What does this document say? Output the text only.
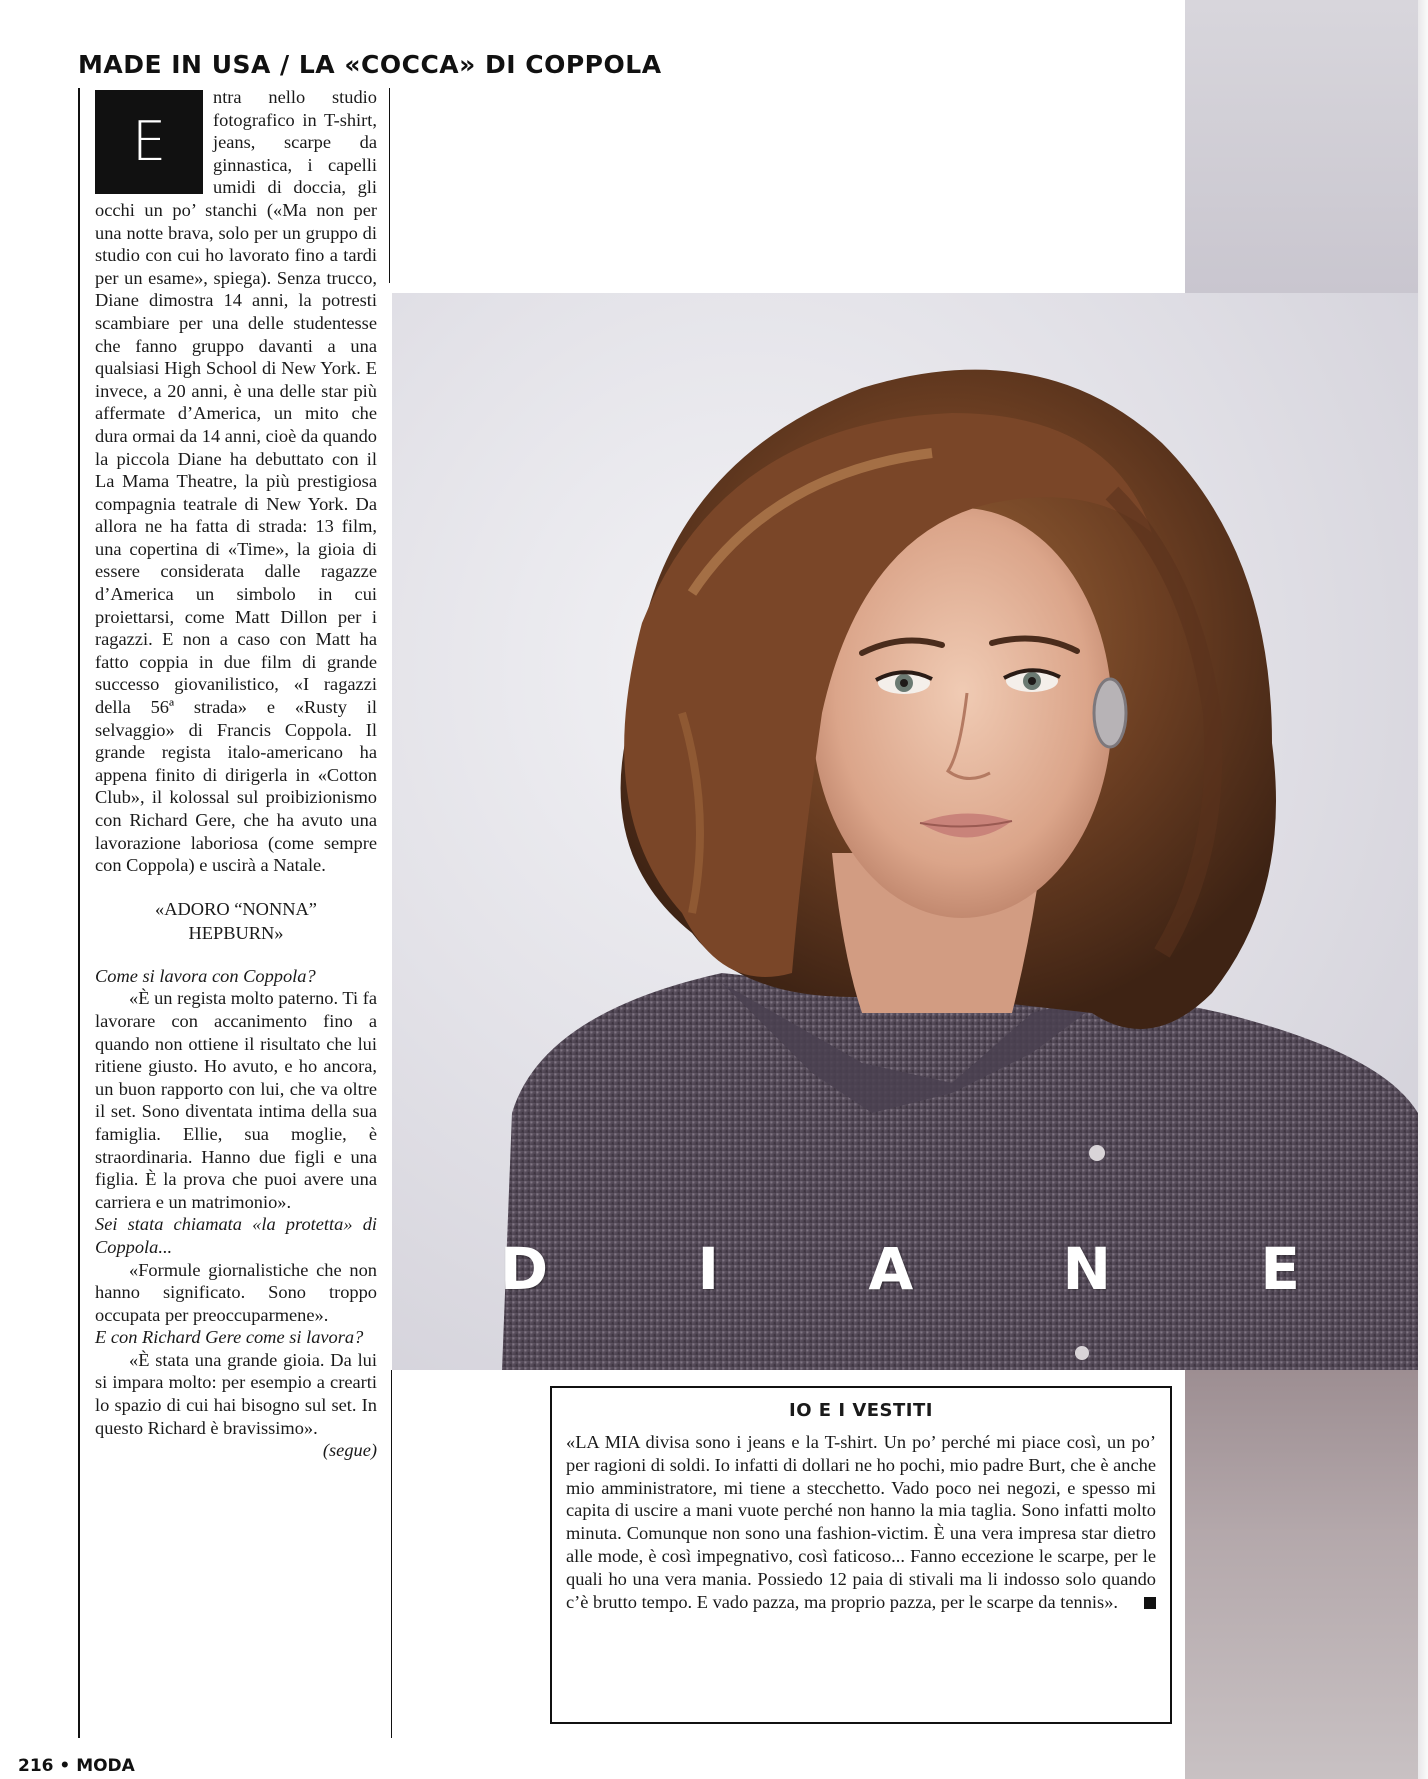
MADE IN USA / LA «COCCA» DI COPPOLA

E
ntra nello studio fotografico in T-shirt, jeans, scarpe da ginnastica, i capelli umidi di doccia, gli occhi un po’ stanchi («Ma non per una notte brava, solo per un gruppo di studio con cui ho lavorato fino a tardi per un esame», spiega). Senza trucco, Diane dimostra 14 anni, la potresti scambiare per una delle studentesse che fanno gruppo davanti a una qualsiasi High School di New York. E invece, a 20 anni, è una delle star più affermate d’America, un mito che dura ormai da 14 anni, cioè da quando la piccola Diane ha debuttato con il La Mama Theatre, la più prestigiosa compagnia teatrale di New York. Da allora ne ha fatta di strada: 13 film, una copertina di «Time», la gioia di essere considerata dalle ragazze d’America un simbolo in cui proiettarsi, come Matt Dillon per i ragazzi. E non a caso con Matt ha fatto coppia in due film di grande successo giovanilistico, «I ragazzi della 56ª strada» e «Rusty il selvaggio» di Francis Coppola. Il grande regista italo-americano ha appena finito di dirigerla in «Cotton Club», il kolossal sul proibizionismo con Richard Gere, che ha avuto una lavorazione laboriosa (come sempre con Coppola) e uscirà a Natale.

«ADORO “NONNA”
HEPBURN»

Come si lavora con Coppola?

«È un regista molto paterno. Ti fa lavorare con accanimento fino a quando non ottiene il risultato che lui ritiene giusto. Ho avuto, e ho ancora, un buon rapporto con lui, che va oltre il set. Sono diventata intima della sua famiglia. Ellie, sua moglie, è straordinaria. Hanno due figli e una figlia. È la prova che puoi avere una carriera e un matrimonio».

Sei stata chiamata «la protetta» di Coppola...

«Formule giornalistiche che non hanno significato. Sono troppo occupata per preoccuparmene».

E con Richard Gere come si lavora?

«È stata una grande gioia. Da lui si impara molto: per esempio a crearti lo spazio di cui hai bisogno sul set. In questo Richard è bravissimo».

(segue)

D	I	A	N	E
IO E I VESTITI

«LA MIA divisa sono i jeans e la T-shirt. Un po’ perché mi piace così, un po’ per ragioni di soldi. Io infatti di dollari ne ho pochi, mio padre Burt, che è anche mio amministratore, mi tiene a stecchetto. Vado poco nei negozi, e spesso mi capita di uscire a mani vuote perché non hanno la mia taglia. Sono infatti molto minuta. Comunque non sono una fashion-victim. È una vera impresa star dietro alle mode, è così impegnativo, così faticoso... Fanno eccezione le scarpe, per le quali ho una vera mania. Possiedo 12 paia di stivali ma li indosso solo quando c’è brutto tempo. E vado pazza, ma proprio pazza, per le scarpe da tennis».

216 • MODA
